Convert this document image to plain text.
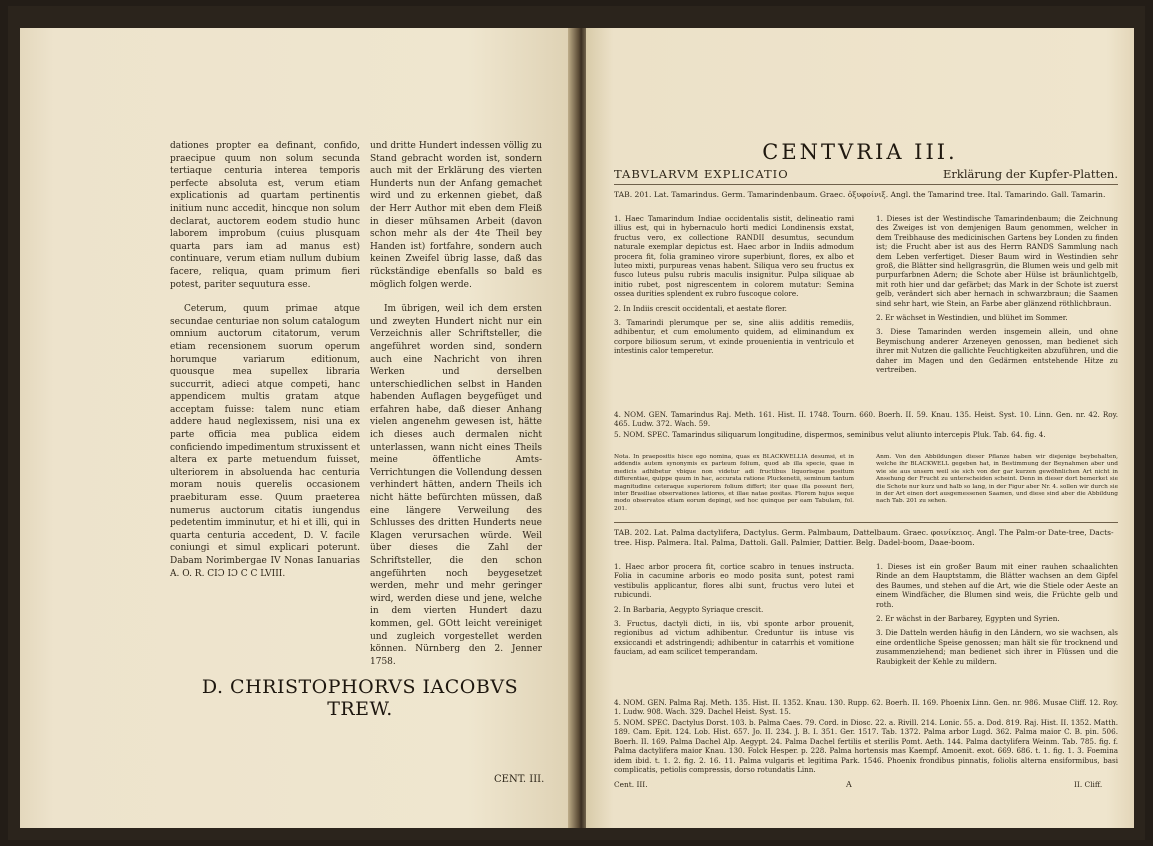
dationes propter ea definant, confido, praecipue quum non solum secunda tertiaque centuria interea temporis perfecte absoluta est, verum etiam explicationis ad quartam pertinentis initium nunc accedit, hincque non solum declarat, auctorem eodem studio hunc laborem improbum (cuius plusquam quarta pars iam ad manus est) continuare, verum etiam nullum dubium facere, reliqua, quam primum fieri potest, pariter sequutura esse.

Ceterum, quum primae atque secundae centuriae non solum catalogum omnium auctorum citatorum, verum etiam recensionem suorum operum horumque variarum editionum, quousque mea supellex libraria succurrit, adieci atque competi, hanc appendicem multis gratam atque acceptam fuisse: talem nunc etiam addere haud neglexissem, nisi una ex parte officia mea publica eidem conficiendo impedimentum struxissent et altera ex parte metuendum fuisset, ulteriorem in absoluenda hac centuria moram nouis querelis occasionem praebituram esse. Quum praeterea numerus auctorum citatis iungendus pedetentim imminutur, et hi et illi, qui in quarta centuria accedent, D. V. facile coniungi et simul explicari poterunt. Dabam Norimbergae IV Nonas Ianuarias A. O. R. CIƆ IƆ C C LVIII.

und dritte Hundert indessen völlig zu Stand gebracht worden ist, sondern auch mit der Erklärung des vierten Hunderts nun der Anfang gemachet wird und zu erkennen giebet, daß der Herr Author mit eben dem Fleiß in dieser mühsamen Arbeit (davon schon mehr als der 4te Theil bey Handen ist) fortfahre, sondern auch keinen Zweifel übrig lasse, daß das rückständige ebenfalls so bald es möglich folgen werde.

Im übrigen, weil ich dem ersten und zweyten Hundert nicht nur ein Verzeichnis aller Schriftsteller, die angeführet worden sind, sondern auch eine Nachricht von ihren Werken und derselben unterschiedlichen selbst in Handen habenden Auflagen beygefüget und erfahren habe, daß dieser Anhang vielen angenehm gewesen ist, hätte ich dieses auch dermalen nicht unterlassen, wann nicht eines Theils meine öffentliche Amts-Verrichtungen die Vollendung dessen verhindert hätten, andern Theils ich nicht hätte befürchten müssen, daß eine längere Verweilung des Schlusses des dritten Hunderts neue Klagen verursachen würde. Weil über dieses die Zahl der Schriftsteller, die den schon angeführten noch beygesetzet werden, mehr und mehr geringer wird, werden diese und jene, welche in dem vierten Hundert dazu kommen, gel. GOtt leicht vereiniget und zugleich vorgestellet werden können. Nürnberg den 2. Jenner 1758.

D. CHRISTOPHORVS IACOBVS TREW.
CENT. III.
CENTVRIA III.
TABVLARVM EXPLICATIO	Erklärung der Kupfer-Platten.
TAB. 201. Lat. Tamarindus. Germ. Tamarindenbaum. Graec. ὀξυφοίνιξ. Angl. the Tamarind tree. Ital. Tamarindo. Gall. Tamarin.

1. Haec Tamarindum Indiae occidentalis sistit, delineatio rami illius est, qui in hybernaculo horti medici Londinensis exstat, fructus vero, ex collectione RANDII desumtus, secundum naturale exemplar depictus est. Haec arbor in Indiis admodum procera fit, folia gramineo virore superbiunt, flores, ex albo et luteo mixti, purpureas venas habent. Siliqua vero seu fructus ex fusco luteus pulsu rubris maculis insignitur. Pulpa siliquae ab initio rubet, post nigrescentem in colorem mutatur: Semina ossea durities splendent ex rubro fuscoque colore.

2. In Indiis crescit occidentali, et aestate florer.

3. Tamarindi plerumque per se, sine aliis additis remediis, adhibentur, et cum emolumento quidem, ad eliminandum ex corpore biliosum serum, vt exinde prouenientia in ventriculo et intestinis calor temperetur.

1. Dieses ist der Westindische Tamarindenbaum; die Zeichnung des Zweiges ist von demjenigen Baum genommen, welcher in dem Treibhause des medicinischen Gartens bey Londen zu finden ist; die Frucht aber ist aus des Herrn RANDS Sammlung nach dem Leben verfertiget. Dieser Baum wird in Westindien sehr groß, die Blätter sind hellgrasgrün, die Blumen weis und gelb mit purpurfarbnen Adern; die Schote aber Hülse ist bräunlichtgelb, mit roth hier und dar gefärbet; das Mark in der Schote ist zuerst gelb, verändert sich aber hernach in schwarzbraun; die Saamen sind sehr hart, wie Stein, an Farbe aber glänzend röthlichbraun.

2. Er wächset in Westindien, und blühet im Sommer.

3. Diese Tamarinden werden insgemein allein, und ohne Beymischung anderer Arzeneyen genossen, man bedienet sich ihrer mit Nutzen die gallichte Feuchtigkeiten abzuführen, und die daher im Magen und den Gedärmen entstehende Hitze zu vertreiben.

4. NOM. GEN. Tamarindus Raj. Meth. 161. Hist. II. 1748. Tourn. 660. Boerh. II. 59. Knau. 135. Heist. Syst. 10. Linn. Gen. nr. 42. Roy. 465. Ludw. 372. Wach. 59.
5. NOM. SPEC. Tamarindus siliquarum longitudine, dispermos, seminibus velut aliunto intercepis Pluk. Tab. 64. fig. 4.
Nota. In praepositis hisce ego nomina, quas ex BLACKWELLIA desumsi, et in addendis autem synonymis ex parteum folium, quod ab illa specie, quae in medicis adhibetur vbique non videtur adi fructibus liquorisque positum differentiae, quippe quum in hac, accurata ratione Pluckenetii, seminum tantum magnitudine ceteraque superiorem folium differt; iter quae illa possunt fieri, inter Brasiliae observationes latiores, et illae natae positas. Florem hujus seque modo observatos etiam eorum depingi, sed hoc quinque per eam Tabulam, fol. 201.
Anm. Von den Abbildungen dieser Pflanze haben wir diejenige beybehalten, welche ihr BLACKWELL gegeben hat, in Bestimmung der Beynahmen aber und wie sie aus unsern weil sie sich von der gar kurzen gewöhnlichen Art nicht in Ansehung der Frucht zu unterscheiden scheint. Denn in dieser dort bemerket sie die Schote nur kurz und halb so lang, in der Figur aber Nr. 4. sollen wir durch sie in der Art einen dort ausgemessenen Saamen, und diese sind aber die Abbildung nach Tab. 201 zu sehen.
TAB. 202. Lat. Palma dactylifera, Dactylus. Germ. Palmbaum, Dattelbaum. Graec. φοινίκειος. Angl. The Palm-or Date-tree, Dacts-tree. Hisp. Palmera. Ital. Palma, Dattoli. Gall. Palmier, Dattier. Belg. Dadel-boom, Daae-boom.

1. Haec arbor procera fit, cortice scabro in tenues instructa. Folia in cacumine arboris eo modo posita sunt, potest rami vestibulis applicantur, flores albi sunt, fructus vero lutei et rubicundi.

2. In Barbaria, Aegypto Syriaque crescit.

3. Fructus, dactyli dicti, in iis, vbi sponte arbor prouenit, regionibus ad victum adhibentur. Creduntur iis intuse vis exsiccandi et adstringendi; adhibentur in catarrhis et vomitione fauciam, ad eam scilicet temperandam.

1. Dieses ist ein großer Baum mit einer rauhen schaalichten Rinde an dem Hauptstamm, die Blätter wachsen an dem Gipfel des Baumes, und stehen auf die Art, wie die Stiele oder Aeste an einem Windfächer, die Blumen sind weis, die Früchte gelb und roth.

2. Er wächst in der Barbarey, Egypten und Syrien.

3. Die Datteln werden häufig in den Ländern, wo sie wachsen, als eine ordentliche Speise genossen; man hält sie für trocknend und zusammenziehend; man bedienet sich ihrer in Flüssen und die Raubigkeit der Kehle zu mildern.

4. NOM. GEN. Palma Raj. Meth. 135. Hist. II. 1352. Knau. 130. Rupp. 62. Boerh. II. 169. Phoenix Linn. Gen. nr. 986. Musae Cliff. 12. Roy. 1. Ludw. 908. Wach. 329. Dachel Heist. Syst. 15.
5. NOM. SPEC. Dactylus Dorst. 103. b. Palma Caes. 79. Cord. in Diosc. 22. a. Rivill. 214. Lonic. 55. a. Dod. 819. Raj. Hist. II. 1352. Matth. 189. Cam. Epit. 124. Lob. Hist. 657. Jo. II. 234. J. B. I. 351. Ger. 1517. Tab. 1372. Palma arbor Lugd. 362. Palma maior C. B. pin. 506. Boerh. II. 169. Palma Dachel Alp. Aegypt. 24. Palma Dachel fertilis et sterilis Pomt. Aeth. 144. Palma dactylifera Weinm. Tab. 785. fig. f. Palma dactylifera maior Knau. 130. Folck Hesper. p. 228. Palma hortensis mas Kaempf. Amoenit. exot. 669. 686. t. 1. fig. 1. 3. Foemina idem ibid. t. 1. 2. fig. 2. 16. 11. Palma vulgaris et legitima Park. 1546. Phoenix frondibus pinnatis, foliolis alterna ensiformibus, basi complicatis, petiolis compressis, dorso rotundatis Linn.
Cent. III.	A	II. Cliff.
